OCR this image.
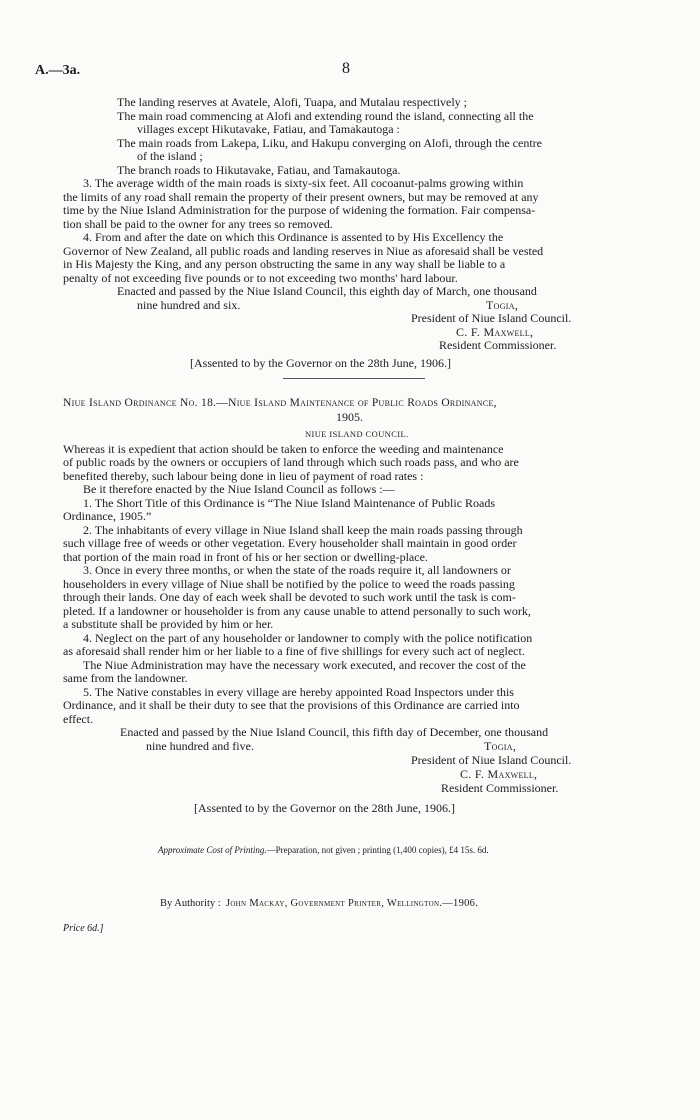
A.—3a.	8
The landing reserves at Avatele, Alofi, Tuapa, and Mutalau respectively ;
The main road commencing at Alofi and extending round the island, connecting all the
villages except Hikutavake, Fatiau, and Tamakautoga :
The main roads from Lakepa, Liku, and Hakupu converging on Alofi, through the centre
of the island ;
The branch roads to Hikutavake, Fatiau, and Tamakautoga.
3. The average width of the main roads is sixty-six feet. All cocoanut-palms growing within
the limits of any road shall remain the property of their present owners, but may be removed at any
time by the Niue Island Administration for the purpose of widening the formation. Fair compensa-
tion shall be paid to the owner for any trees so removed.
4. From and after the date on which this Ordinance is assented to by His Excellency the
Governor of New Zealand, all public roads and landing reserves in Niue as aforesaid shall be vested
in His Majesty the King, and any person obstructing the same in any way shall be liable to a
penalty of not exceeding five pounds or to not exceeding two months' hard labour.
Enacted and passed by the Niue Island Council, this eighth day of March, one thousand
nine hundred and six.	Togia,
President of Niue Island Council.
C. F. Maxwell,
Resident Commissioner.
[Assented to by the Governor on the 28th June, 1906.]
Niue Island Ordinance No. 18.—Niue Island Maintenance of Public Roads Ordinance,
1905.
NIUE ISLAND COUNCIL.
Whereas it is expedient that action should be taken to enforce the weeding and maintenance
of public roads by the owners or occupiers of land through which such roads pass, and who are
benefited thereby, such labour being done in lieu of payment of road rates :
Be it therefore enacted by the Niue Island Council as follows :—
1. The Short Title of this Ordinance is “The Niue Island Maintenance of Public Roads
Ordinance, 1905.”
2. The inhabitants of every village in Niue Island shall keep the main roads passing through
such village free of weeds or other vegetation. Every householder shall maintain in good order
that portion of the main road in front of his or her section or dwelling-place.
3. Once in every three months, or when the state of the roads require it, all landowners or
householders in every village of Niue shall be notified by the police to weed the roads passing
through their lands. One day of each week shall be devoted to such work until the task is com-
pleted. If a landowner or householder is from any cause unable to attend personally to such work,
a substitute shall be provided by him or her.
4. Neglect on the part of any householder or landowner to comply with the police notification
as aforesaid shall render him or her liable to a fine of five shillings for every such act of neglect.
The Niue Administration may have the necessary work executed, and recover the cost of the
same from the landowner.
5. The Native constables in every village are hereby appointed Road Inspectors under this
Ordinance, and it shall be their duty to see that the provisions of this Ordinance are carried into
effect.
Enacted and passed by the Niue Island Council, this fifth day of December, one thousand
nine hundred and five.	Togia,
President of Niue Island Council.
C. F. Maxwell,
Resident Commissioner.
[Assented to by the Governor on the 28th June, 1906.]
Approximate Cost of Printing.—Preparation, not given ; printing (1,400 copies), £4 15s. 6d.
By Authority : John Mackay, Government Printer, Wellington.—1906.
Price 6d.]
